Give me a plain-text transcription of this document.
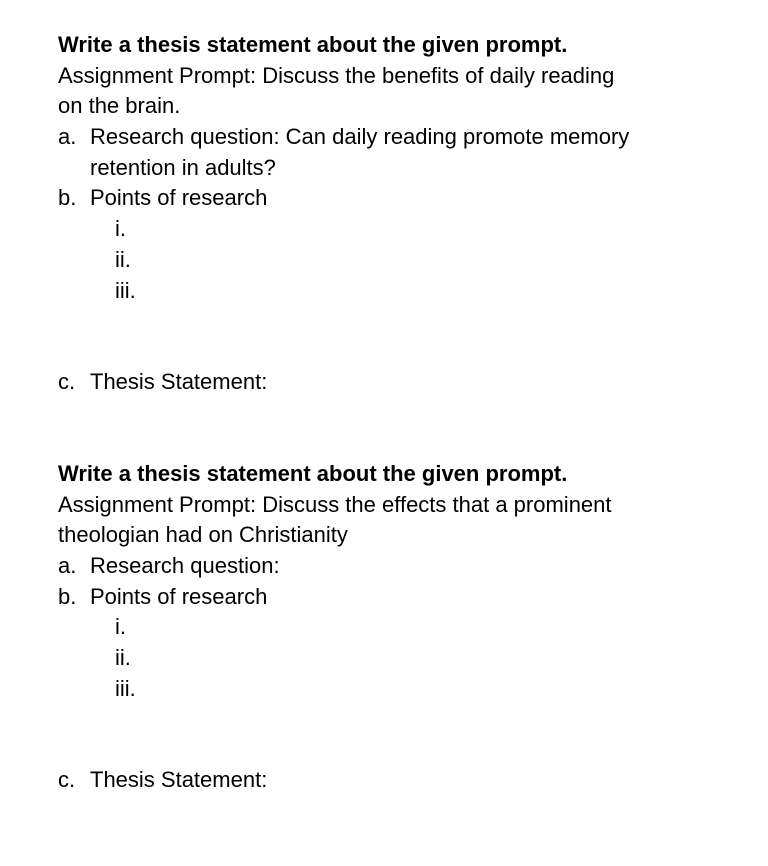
Write a thesis statement about the given prompt.
Assignment Prompt: Discuss the benefits of daily reading
on the brain.
a. Research question: Can daily reading promote memory retention in adults?
b. Points of research
i.
ii.
iii.
c. Thesis Statement:
Write a thesis statement about the given prompt.
Assignment Prompt: Discuss the effects that a prominent
theologian had on Christianity
a. Research question:
b. Points of research
i.
ii.
iii.
c. Thesis Statement:
